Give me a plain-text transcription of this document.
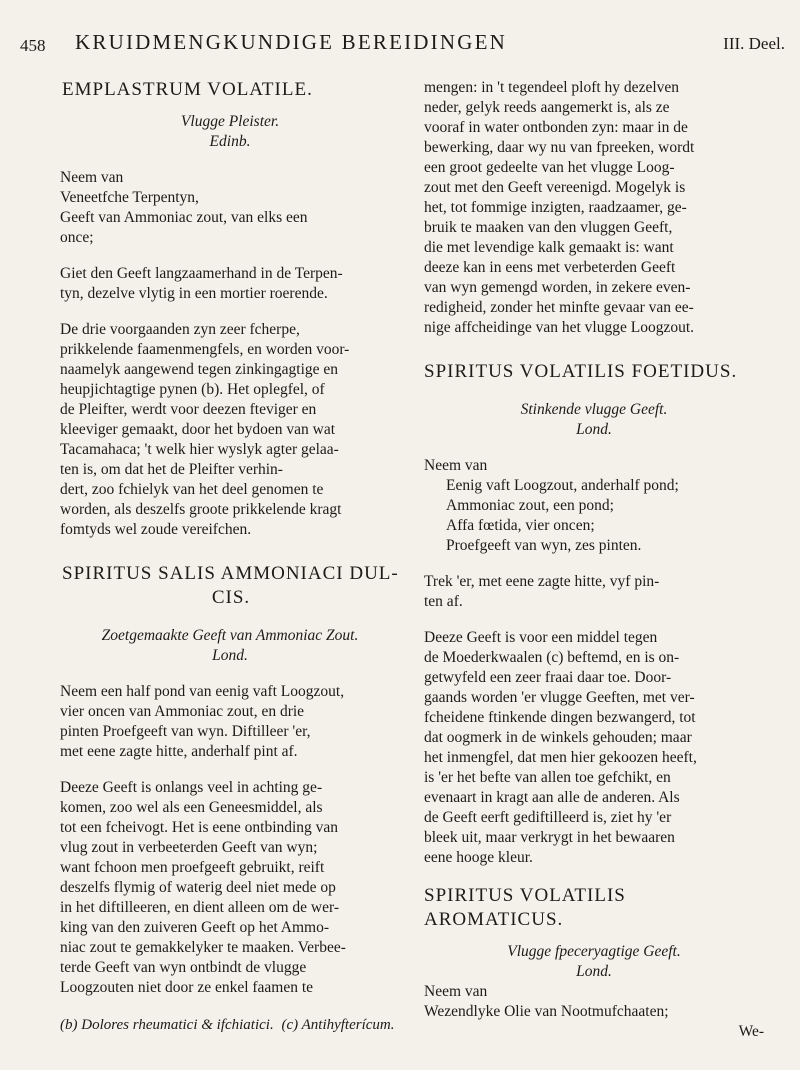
458 KRUIDMENGKUNDIGE BEREIDINGEN	III. Deel.

EMPLASTRUM VOLATILE.

Vlugge Pleister.

Edinb.

Neem van

Veneetfche Terpentyn,

Geeft van Ammoniac zout, van elks een

once;

Giet den Geeft langzaamerhand in de Terpen-

tyn, dezelve vlytig in een mortier roerende.

De drie voorgaanden zyn zeer fcherpe,

prikkelende faamenmengfels, en worden voor-

naamelyk aangewend tegen zinkingagtige en

heupjichtagtige pynen (b). Het oplegfel, of

de Pleifter, werdt voor deezen fteviger en

kleeviger gemaakt, door het bydoen van wat

Tacamahaca; 't welk hier wyslyk agter gelaa-

ten is, om dat het de Pleifter verhin-

dert, zoo fchielyk van het deel genomen te

worden, als deszelfs groote prikkelende kragt

fomtyds wel zoude vereifchen.

SPIRITUS SALIS AMMONIACI DUL-

CIS.

Zoetgemaakte Geeft van Ammoniac Zout.

Lond.

Neem een half pond van eenig vaft Loogzout,

vier oncen van Ammoniac zout, en drie

pinten Proefgeeft van wyn. Diftilleer 'er,

met eene zagte hitte, anderhalf pint af.

Deeze Geeft is onlangs veel in achting ge-

komen, zoo wel als een Geneesmiddel, als

tot een fcheivogt. Het is eene ontbinding van

vlug zout in verbeeterden Geeft van wyn;

want fchoon men proefgeeft gebruikt, reift

deszelfs flymig of waterig deel niet mede op

in het diftilleeren, en dient alleen om de wer-

king van den zuiveren Geeft op het Ammo-

niac zout te gemakkelyker te maaken. Verbee-

terde Geeft van wyn ontbindt de vlugge

Loogzouten niet door ze enkel faamen te

mengen: in 't tegendeel ploft hy dezelven

neder, gelyk reeds aangemerkt is, als ze

vooraf in water ontbonden zyn: maar in de

bewerking, daar wy nu van fpreeken, wordt

een groot gedeelte van het vlugge Loog-

zout met den Geeft vereenigd. Mogelyk is

het, tot fommige inzigten, raadzaamer, ge-

bruik te maaken van den vluggen Geeft,

die met levendige kalk gemaakt is: want

deeze kan in eens met verbeterden Geeft

van wyn gemengd worden, in zekere even-

redigheid, zonder het minfte gevaar van ee-

nige affcheidinge van het vlugge Loogzout.

SPIRITUS VOLATILIS FOETIDUS.

Stinkende vlugge Geeft.

Lond.

Neem van

Eenig vaft Loogzout, anderhalf pond;

Ammoniac zout, een pond;

Affa fœtida, vier oncen;

Proefgeeft van wyn, zes pinten.

Trek 'er, met eene zagte hitte, vyf pin-

ten af.

Deeze Geeft is voor een middel tegen

de Moederkwaalen (c) beftemd, en is on-

getwyfeld een zeer fraai daar toe. Door-

gaands worden 'er vlugge Geeften, met ver-

fcheidene ftinkende dingen bezwangerd, tot

dat oogmerk in de winkels gehouden; maar

het inmengfel, dat men hier gekoozen heeft,

is 'er het befte van allen toe gefchikt, en

evenaart in kragt aan alle de anderen. Als

de Geeft eerft gediftilleerd is, ziet hy 'er

bleek uit, maar verkrygt in het bewaaren

eene hooge kleur.

SPIRITUS VOLATILIS AROMATICUS.

Vlugge fpeceryagtige Geeft.

Lond.

Neem van

Wezendlyke Olie van Nootmufchaaten;

We-

(b) Dolores rheumatici & ifchiatici. (c) Antihyfterícum.
